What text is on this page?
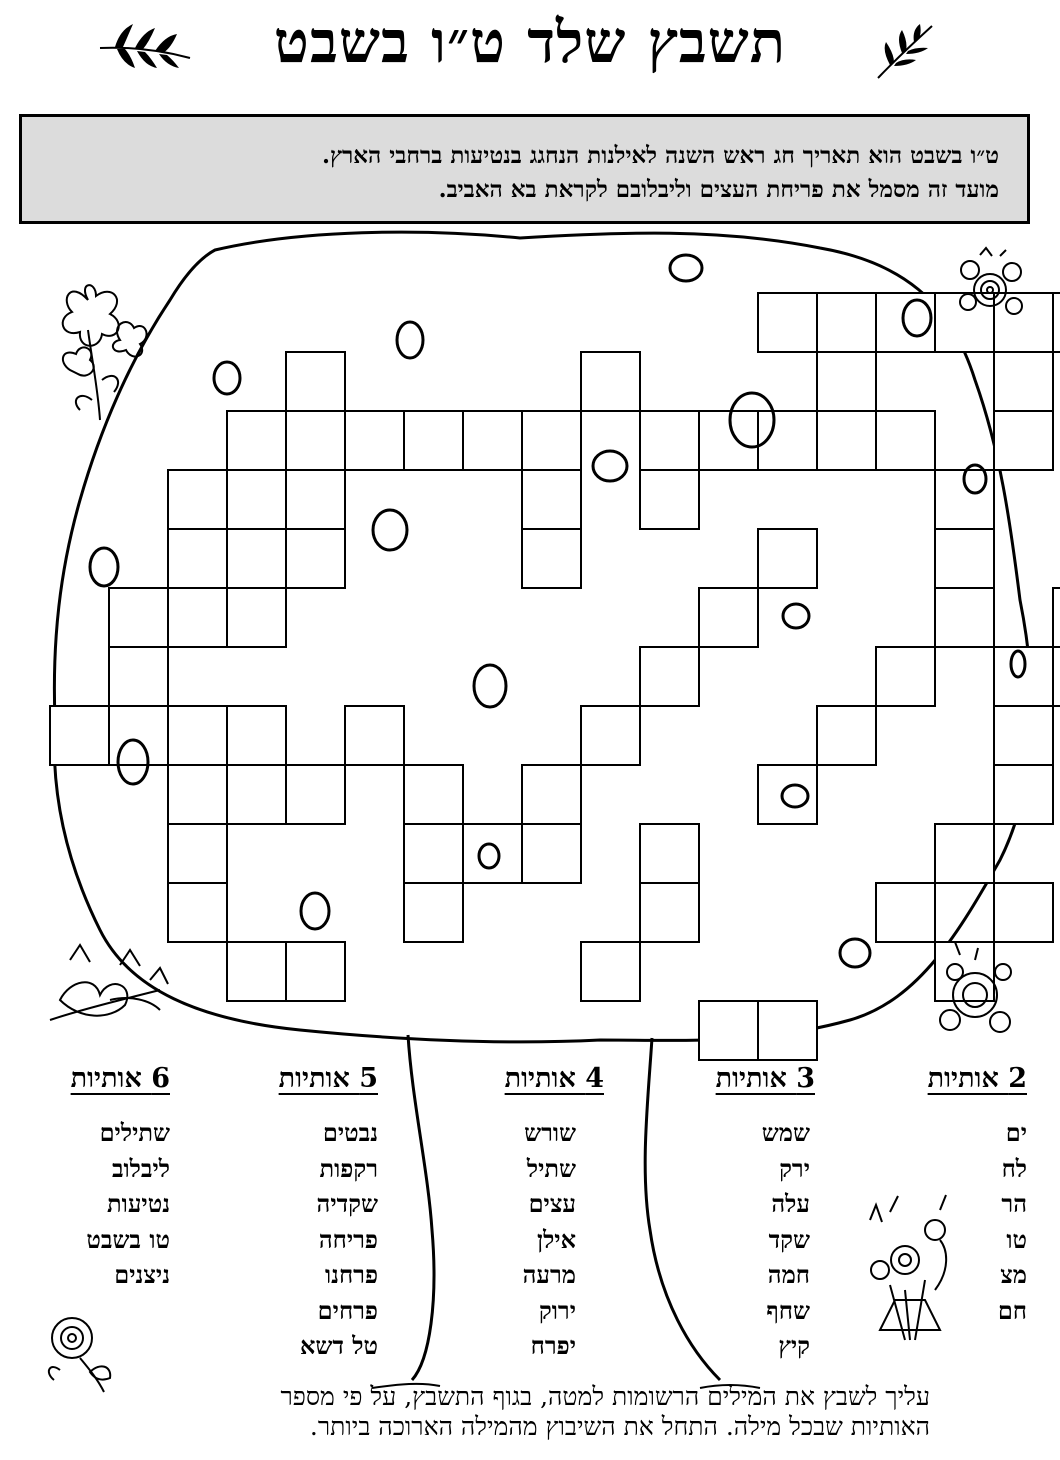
תשבץ שלד ט״ו בשבט
ט״ו בשבט הוא תאריך חג ראש השנה לאילנות הנחגג בנטיעות ברחבי הארץ.
מועד זה מסמל את פריחת העצים וליבלובם לקראת בא האביב.
2 אותיות
ים
לח
הר
טו
מצ
חם
3 אותיות
שמש
ירק
עלה
שקד
חמה
שחף
קיץ
4 אותיות
שורש
שתיל
עצים
אילן
מרעה
ירוק
יפרח
5 אותיות
נבטים
רקפות
שקדיה
פריחה
פרחנו
פרחים
טל דשא
6 אותיות
שתילים
ליבלוב
נטיעות
טו בשבט
ניצנים
עליך לשבץ את המילים הרשומות למטה, בגוף התשבץ, על פי מספר
האותיות שבכל מילה. התחל את השיבוץ מהמילה הארוכה ביותר.
